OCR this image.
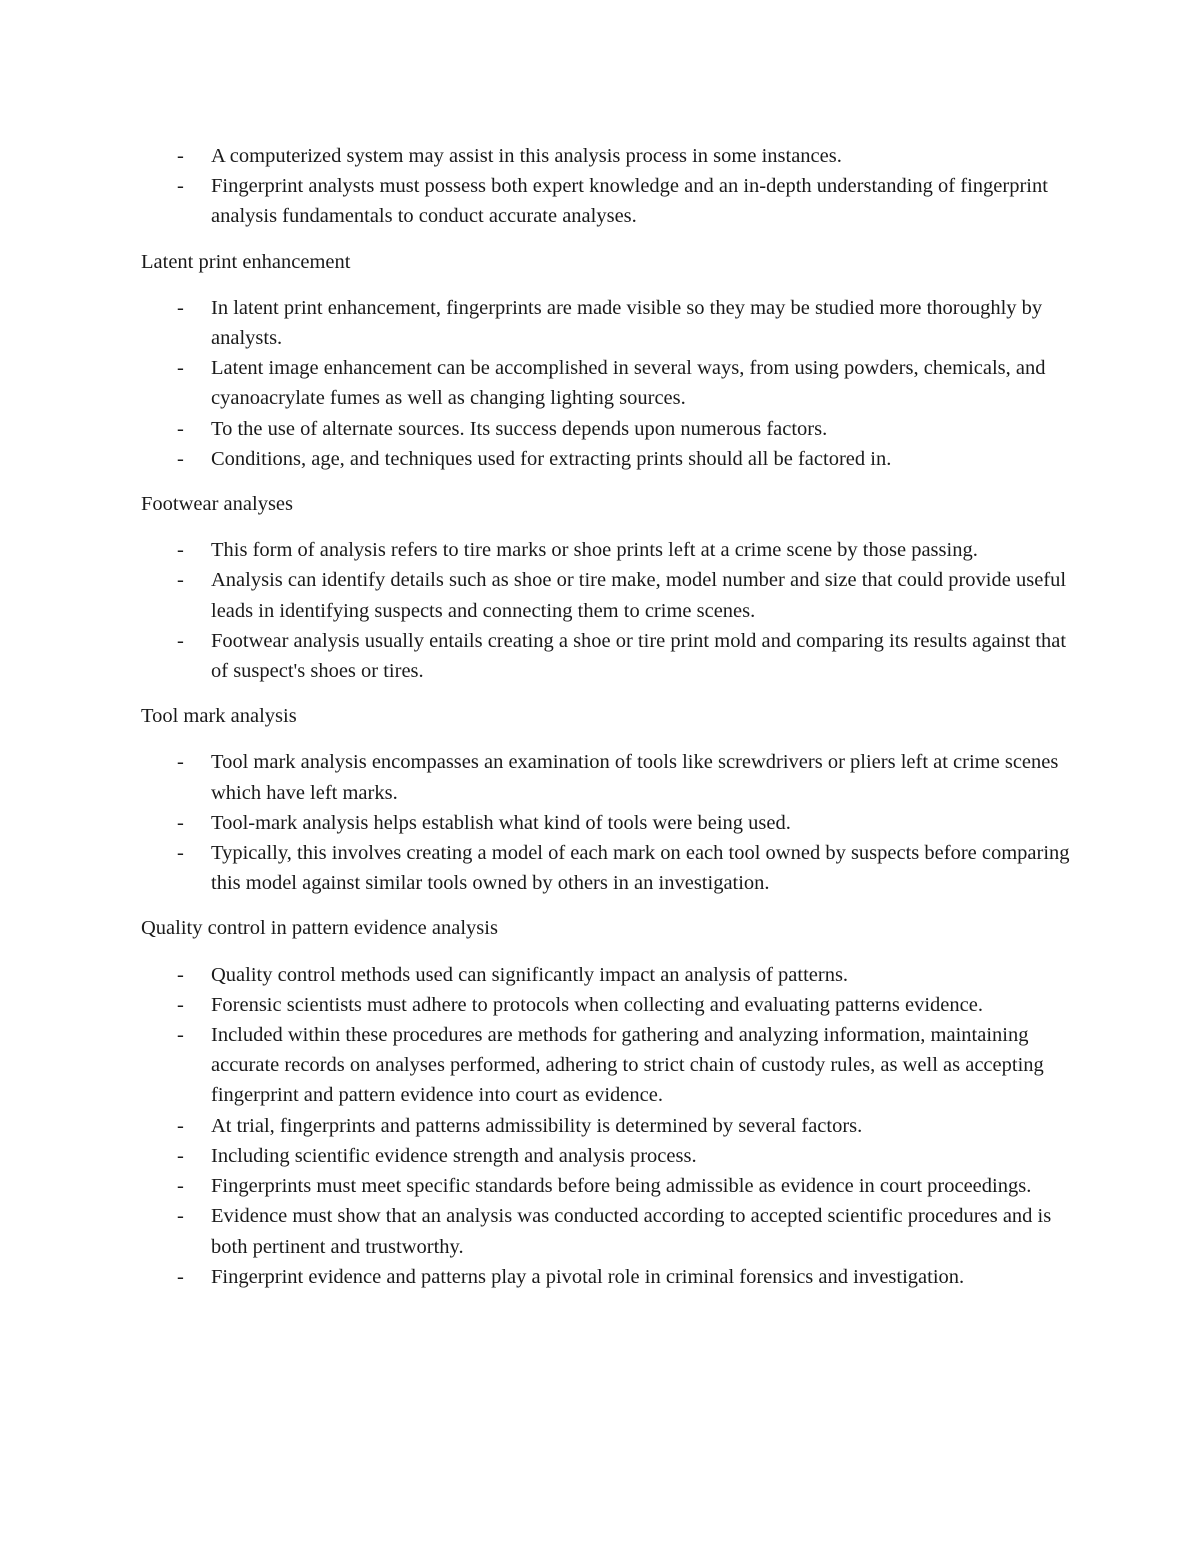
- A computerized system may assist in this analysis process in some instances.
- Fingerprint analysts must possess both expert knowledge and an in-depth understanding of fingerprint analysis fundamentals to conduct accurate analyses.
Latent print enhancement
- In latent print enhancement, fingerprints are made visible so they may be studied more thoroughly by analysts.
- Latent image enhancement can be accomplished in several ways, from using powders, chemicals, and cyanoacrylate fumes as well as changing lighting sources.
- To the use of alternate sources. Its success depends upon numerous factors.
- Conditions, age, and techniques used for extracting prints should all be factored in.
Footwear analyses
- This form of analysis refers to tire marks or shoe prints left at a crime scene by those passing.
- Analysis can identify details such as shoe or tire make, model number and size that could provide useful leads in identifying suspects and connecting them to crime scenes.
- Footwear analysis usually entails creating a shoe or tire print mold and comparing its results against that of suspect's shoes or tires.
Tool mark analysis
- Tool mark analysis encompasses an examination of tools like screwdrivers or pliers left at crime scenes which have left marks.
- Tool-mark analysis helps establish what kind of tools were being used.
- Typically, this involves creating a model of each mark on each tool owned by suspects before comparing this model against similar tools owned by others in an investigation.
Quality control in pattern evidence analysis
- Quality control methods used can significantly impact an analysis of patterns.
- Forensic scientists must adhere to protocols when collecting and evaluating patterns evidence.
- Included within these procedures are methods for gathering and analyzing information, maintaining accurate records on analyses performed, adhering to strict chain of custody rules, as well as accepting fingerprint and pattern evidence into court as evidence.
- At trial, fingerprints and patterns admissibility is determined by several factors.
- Including scientific evidence strength and analysis process.
- Fingerprints must meet specific standards before being admissible as evidence in court proceedings.
- Evidence must show that an analysis was conducted according to accepted scientific procedures and is both pertinent and trustworthy.
- Fingerprint evidence and patterns play a pivotal role in criminal forensics and investigation.
